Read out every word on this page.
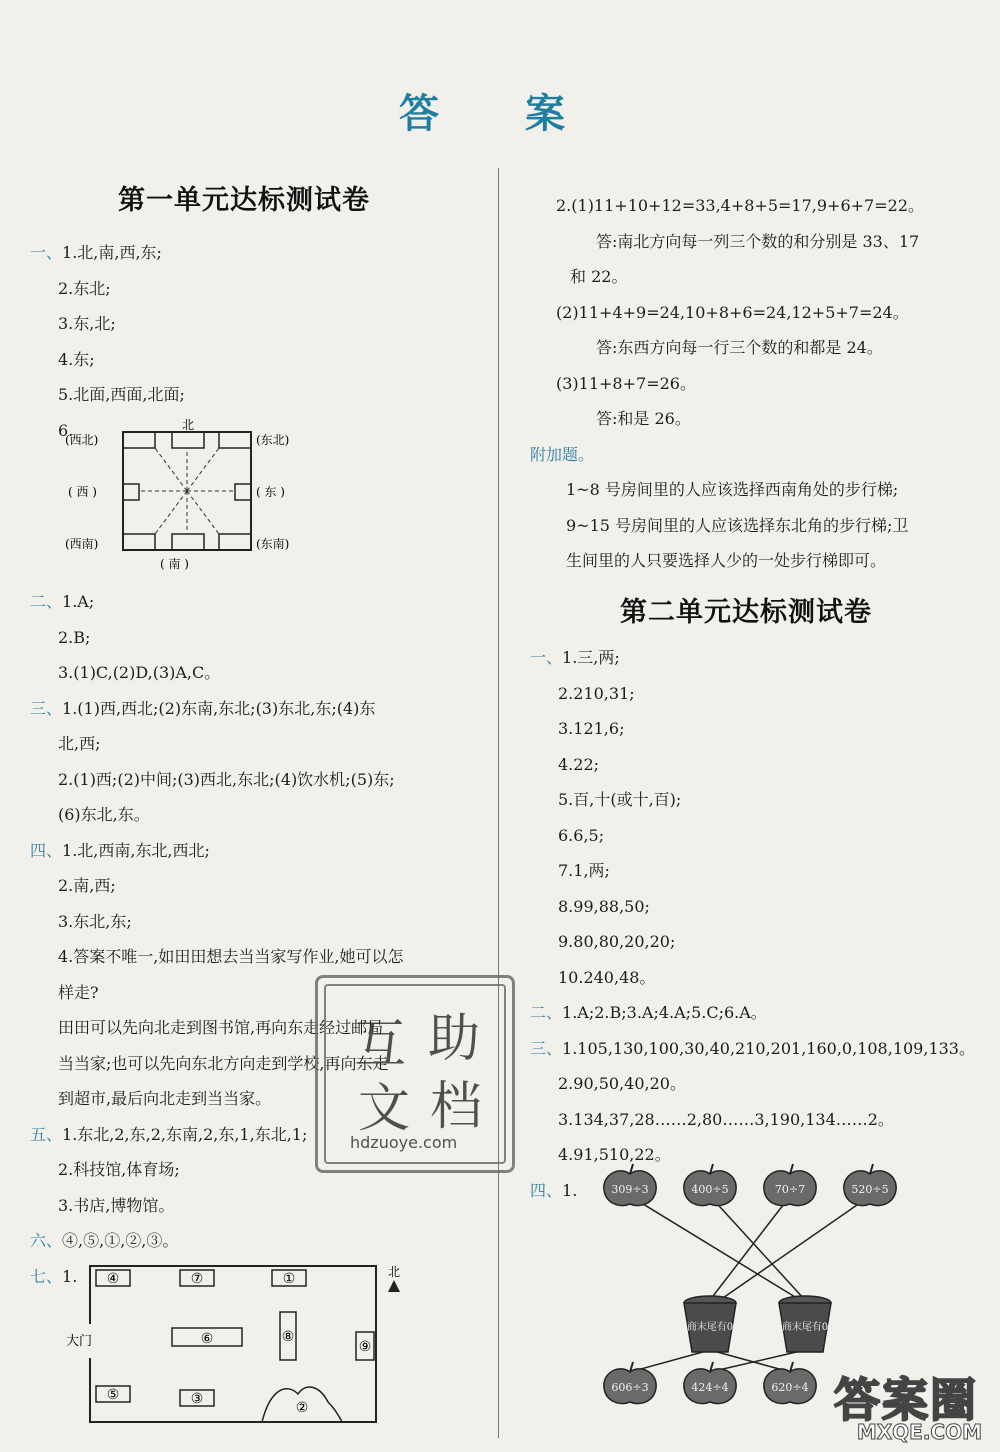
答 案
第一单元达标测试卷
一、1.北,南,西,东;
2.东北;
3.东,北;
4.东;
5.北面,西面,北面;
6.	北
(西北)	(东北)
( 西 )	( 东 )
(西南)	(东南)
( 南 )
二、1.A;
2.B;
3.(1)C,(2)D,(3)A,C。
三、1.(1)西,西北;(2)东南,东北;(3)东北,东;(4)东
北,西;
2.(1)西;(2)中间;(3)西北,东北;(4)饮水机;(5)东;
(6)东北,东。
四、1.北,西南,东北,西北;
2.南,西;
3.东北,东;
4.答案不唯一,如田田想去当当家写作业,她可以怎
样走?
田田可以先向北走到图书馆,再向东走经过邮局
当当家;也可以先向东北方向走到学校,再向东走
到超市,最后向北走到当当家。
五、1.东北,2,东,2,东南,2,东,1,东北,1;
2.科技馆,体育场;
3.书店,博物馆。
六、④,⑤,①,②,③。
七、1.
大门
北
④	⑦	①
⑥	⑧
⑨
⑤	③
②
互 助
文 档
hdzuoye.com
2.(1)11+10+12=33,4+8+5=17,9+6+7=22。
答:南北方向每一列三个数的和分别是 33、17
和 22。
(2)11+4+9=24,10+8+6=24,12+5+7=24。
答:东西方向每一行三个数的和都是 24。
(3)11+8+7=26。
答:和是 26。
附加题。
1~8 号房间里的人应该选择西南角处的步行梯;
9~15 号房间里的人应该选择东北角的步行梯;卫
生间里的人只要选择人少的一处步行梯即可。
第二单元达标测试卷
一、1.三,两;
2.210,31;
3.121,6;
4.22;
5.百,十(或十,百);
6.6,5;
7.1,两;
8.99,88,50;
9.80,80,20,20;
10.240,48。
二、1.A;2.B;3.A;4.A;5.C;6.A。
三、1.105,130,100,30,40,210,201,160,0,108,109,133。
2.90,50,40,20。
3.134,37,28……2,80……3,190,134……2。
4.91,510,22。
四、1.	309÷3	400÷5	70÷7	520÷5
606÷3	424÷4	620÷4
商末尾有0	商末尾有0
答案圈
MXQE.COM
